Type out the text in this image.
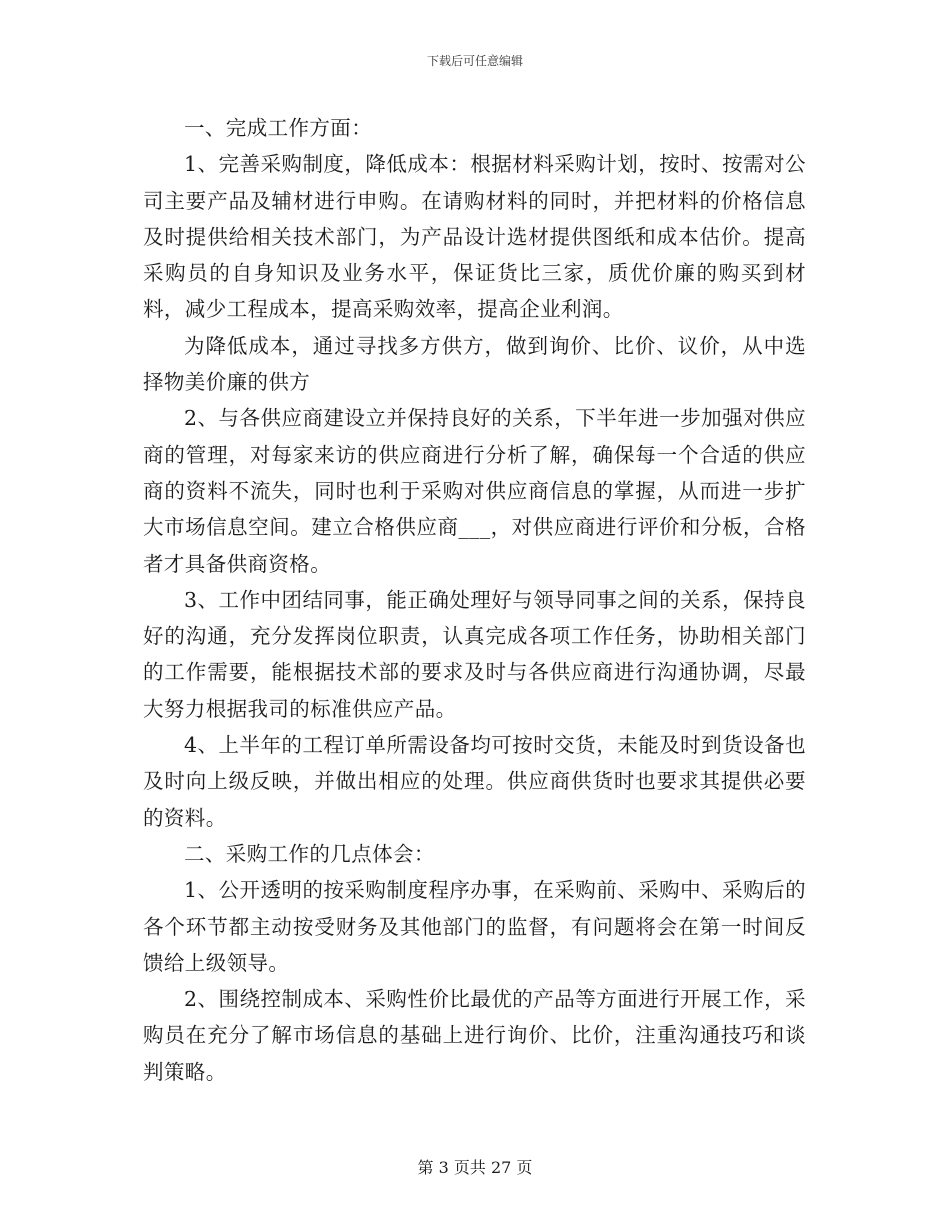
下载后可任意编辑

一、完成工作方面：

1、完善采购制度，降低成本：根据材料采购计划，按时、按需对公司主要产品及辅材进行申购。在请购材料的同时，并把材料的价格信息及时提供给相关技术部门，为产品设计选材提供图纸和成本估价。提高采购员的自身知识及业务水平，保证货比三家，质优价廉的购买到材料，减少工程成本，提高采购效率，提高企业利润。

为降低成本，通过寻找多方供方，做到询价、比价、议价，从中选择物美价廉的供方

2、与各供应商建设立并保持良好的关系，下半年进一步加强对供应商的管理，对每家来访的供应商进行分析了解，确保每一个合适的供应商的资料不流失，同时也利于采购对供应商信息的掌握，从而进一步扩大市场信息空间。建立合格供应商___，对供应商进行评价和分板，合格者才具备供商资格。

3、工作中团结同事，能正确处理好与领导同事之间的关系，保持良好的沟通，充分发挥岗位职责，认真完成各项工作任务，协助相关部门的工作需要，能根据技术部的要求及时与各供应商进行沟通协调，尽最大努力根据我司的标准供应产品。

4、上半年的工程订单所需设备均可按时交货，未能及时到货设备也及时向上级反映，并做出相应的处理。供应商供货时也要求其提供必要的资料。

二、采购工作的几点体会：

1、公开透明的按采购制度程序办事，在采购前、采购中、采购后的各个环节都主动按受财务及其他部门的监督，有问题将会在第一时间反馈给上级领导。

2、围绕控制成本、采购性价比最优的产品等方面进行开展工作，采购员在充分了解市场信息的基础上进行询价、比价，注重沟通技巧和谈判策略。

第 3 页共 27 页
